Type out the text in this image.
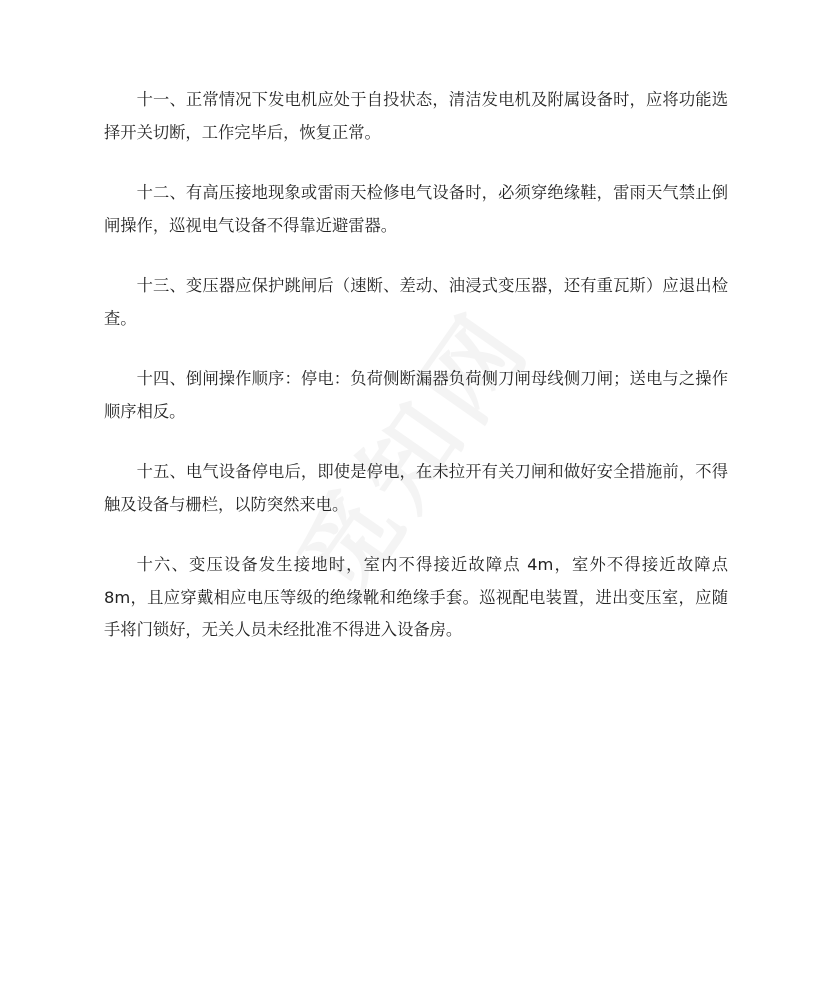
十一、正常情况下发电机应处于自投状态，清洁发电机及附属设备时，应将功能选择开关切断，工作完毕后，恢复正常。

十二、有高压接地现象或雷雨天检修电气设备时，必须穿绝缘鞋，雷雨天气禁止倒闸操作，巡视电气设备不得靠近避雷器。

十三、变压器应保护跳闸后（速断、差动、油浸式变压器，还有重瓦斯）应退出检查。

十四、倒闸操作顺序：停电：负荷侧断漏器负荷侧刀闸母线侧刀闸；送电与之操作顺序相反。

十五、电气设备停电后，即使是停电，在未拉开有关刀闸和做好安全措施前，不得触及设备与栅栏，以防突然来电。

十六、变压设备发生接地时，室内不得接近故障点 4m，室外不得接近故障点 8m，且应穿戴相应电压等级的绝缘靴和绝缘手套。巡视配电装置，进出变压室，应随手将门锁好，无关人员未经批准不得进入设备房。
